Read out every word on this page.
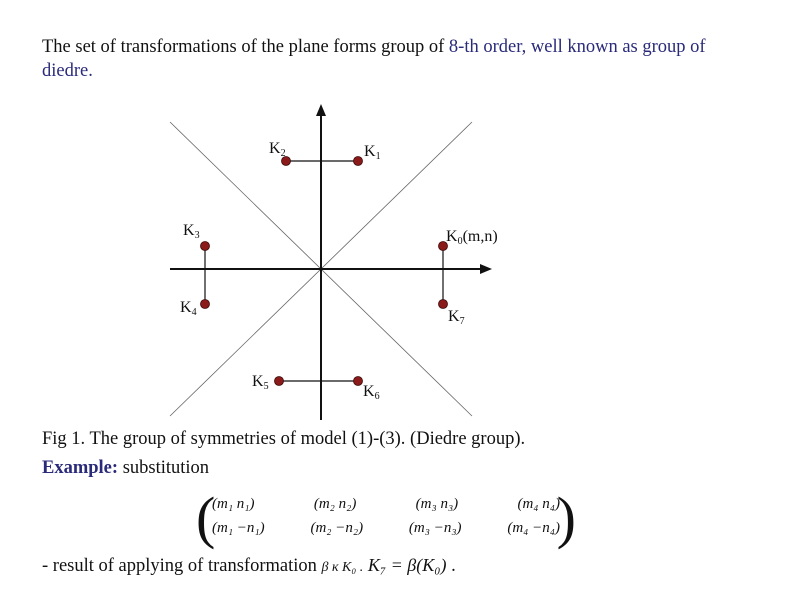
The set of transformations of the plane forms group of 8-th order, well known as group of
diedre.
$K_0(m,n)$
$K_1$
$K_2$
$K_3$
$K_4$
$K_5$	$K_6$
$K_7$
Fig 1. The group of symmetries of model (1)-(3). (Diedre group).
Example: substitution
(
(m₁ n₁)	(m₂ n₂)	(m₃ n₃)	(m₄ n₄)
(m₁ −n₁)	(m₂ −n₂)	(m₃ −n₃)	(m₄ −n₄)
)
- result of applying of transformation β к K₀ . K₇ = β(K₀) .
